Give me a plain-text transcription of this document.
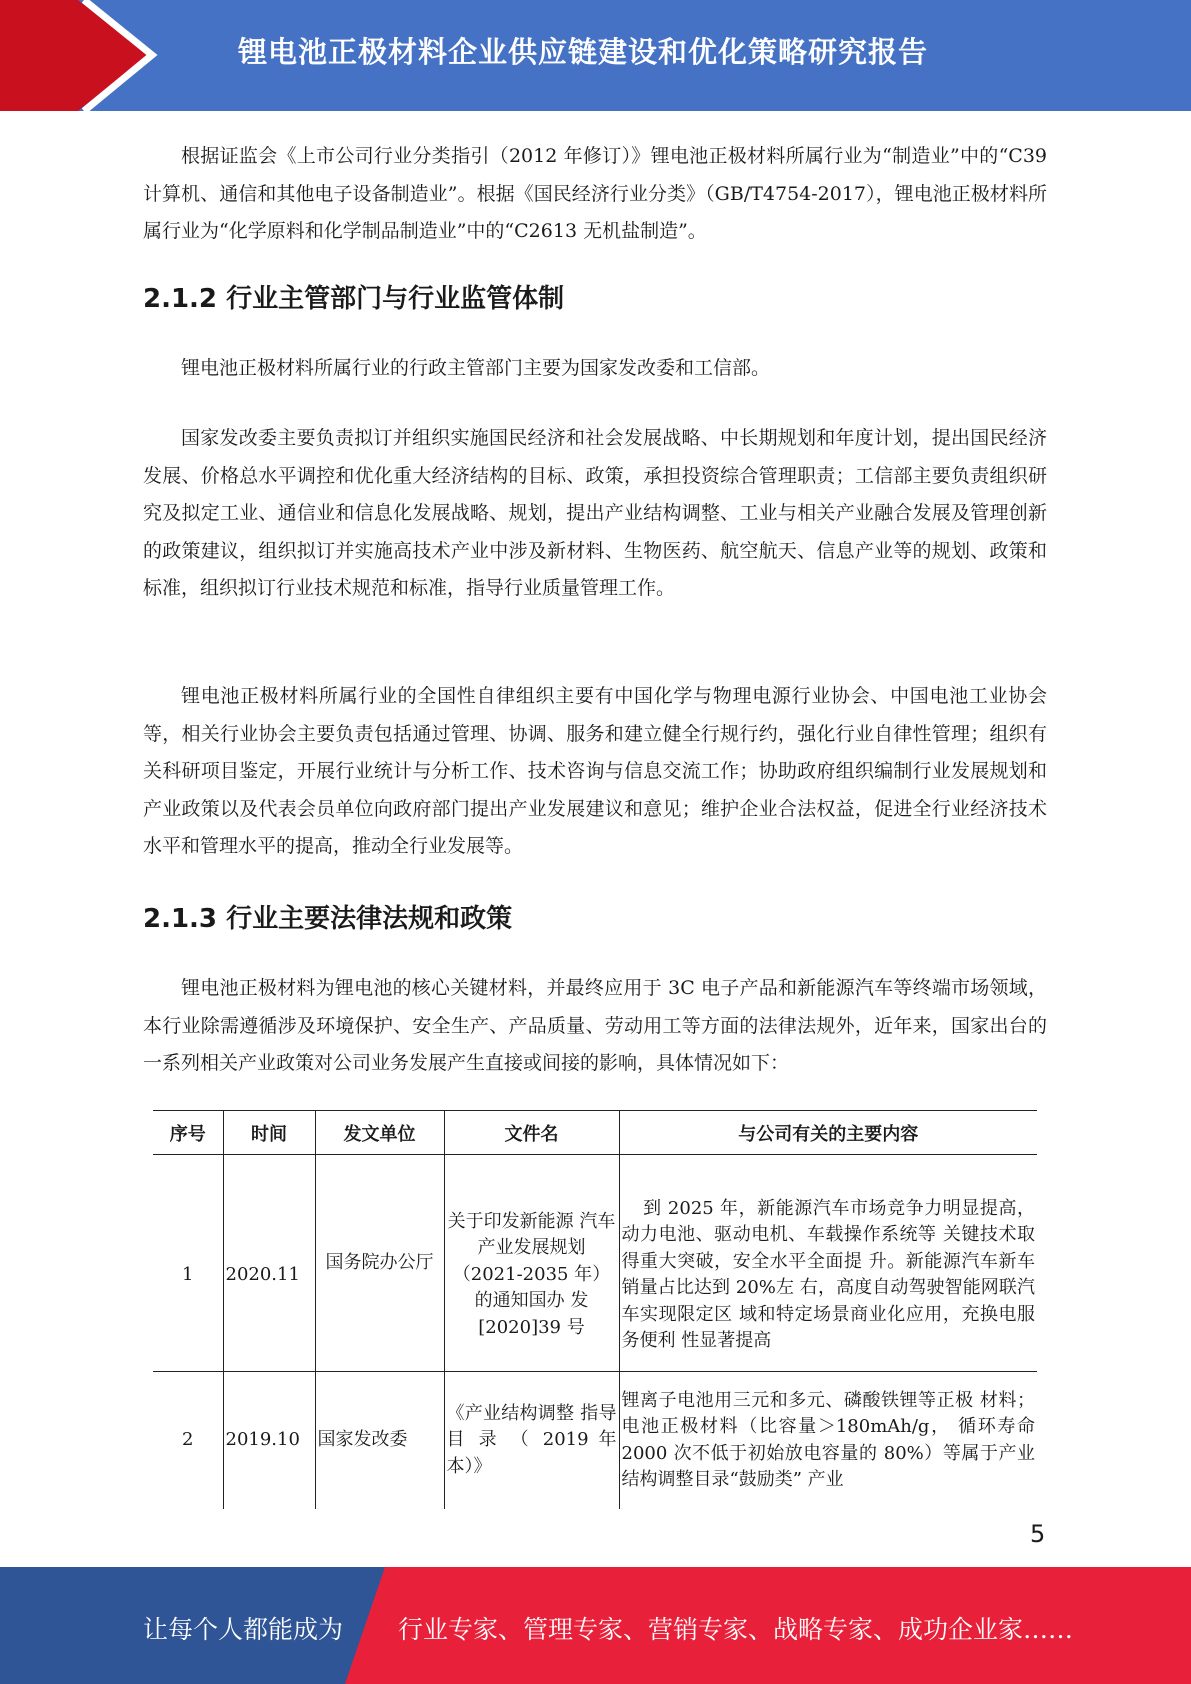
锂电池正极材料企业供应链建设和优化策略研究报告

根据证监会《上市公司行业分类指引（2012 年修订）》锂电池正极材料所属行业为“制造业”中的“C39 计算机、通信和其他电子设备制造业”。根据《国民经济行业分类》（GB/T4754-2017），锂电池正极材料所属行业为“化学原料和化学制品制造业”中的“C2613 无机盐制造”。

2.1.2 行业主管部门与行业监管体制

锂电池正极材料所属行业的行政主管部门主要为国家发改委和工信部。

国家发改委主要负责拟订并组织实施国民经济和社会发展战略、中长期规划和年度计划，提出国民经济发展、价格总水平调控和优化重大经济结构的目标、政策，承担投资综合管理职责；工信部主要负责组织研究及拟定工业、通信业和信息化发展战略、规划，提出产业结构调整、工业与相关产业融合发展及管理创新的政策建议，组织拟订并实施高技术产业中涉及新材料、生物医药、航空航天、信息产业等的规划、政策和标准，组织拟订行业技术规范和标准，指导行业质量管理工作。

锂电池正极材料所属行业的全国性自律组织主要有中国化学与物理电源行业协会、中国电池工业协会等，相关行业协会主要负责包括通过管理、协调、服务和建立健全行规行约，强化行业自律性管理；组织有关科研项目鉴定，开展行业统计与分析工作、技术咨询与信息交流工作；协助政府组织编制行业发展规划和产业政策以及代表会员单位向政府部门提出产业发展建议和意见；维护企业合法权益，促进全行业经济技术水平和管理水平的提高，推动全行业发展等。

2.1.3 行业主要法律法规和政策

锂电池正极材料为锂电池的核心关键材料，并最终应用于 3C 电子产品和新能源汽车等终端市场领域，本行业除需遵循涉及环境保护、安全生产、产品质量、劳动用工等方面的法律法规外，近年来，国家出台的一系列相关产业政策对公司业务发展产生直接或间接的影响，具体情况如下：

序号	时间	发文单位	文件名	与公司有关的主要内容
1	2020.11	国务院办公厅	关于印发新能源 汽车产业发展规划（2021-2035 年）的通知国办 发[2020]39 号	到 2025 年，新能源汽车市场竞争力明显提高，动力电池、驱动电机、车载操作系统等 关键技术取得重大突破，安全水平全面提 升。新能源汽车新车销量占比达到 20%左 右，高度自动驾驶智能网联汽车实现限定区 域和特定场景商业化应用，充换电服务便利 性显著提高
2	2019.10	国家发改委	《产业结构调整 指导 目 录 （ 2019 年本）》	锂离子电池用三元和多元、磷酸铁锂等正极 材料；电池正极材料（比容量＞180mAh/g， 循环寿命 2000 次不低于初始放电容量的 80%）等属于产业结构调整目录“鼓励类” 产业
5
让每个人都能成为 行业专家、管理专家、营销专家、战略专家、成功企业家……
